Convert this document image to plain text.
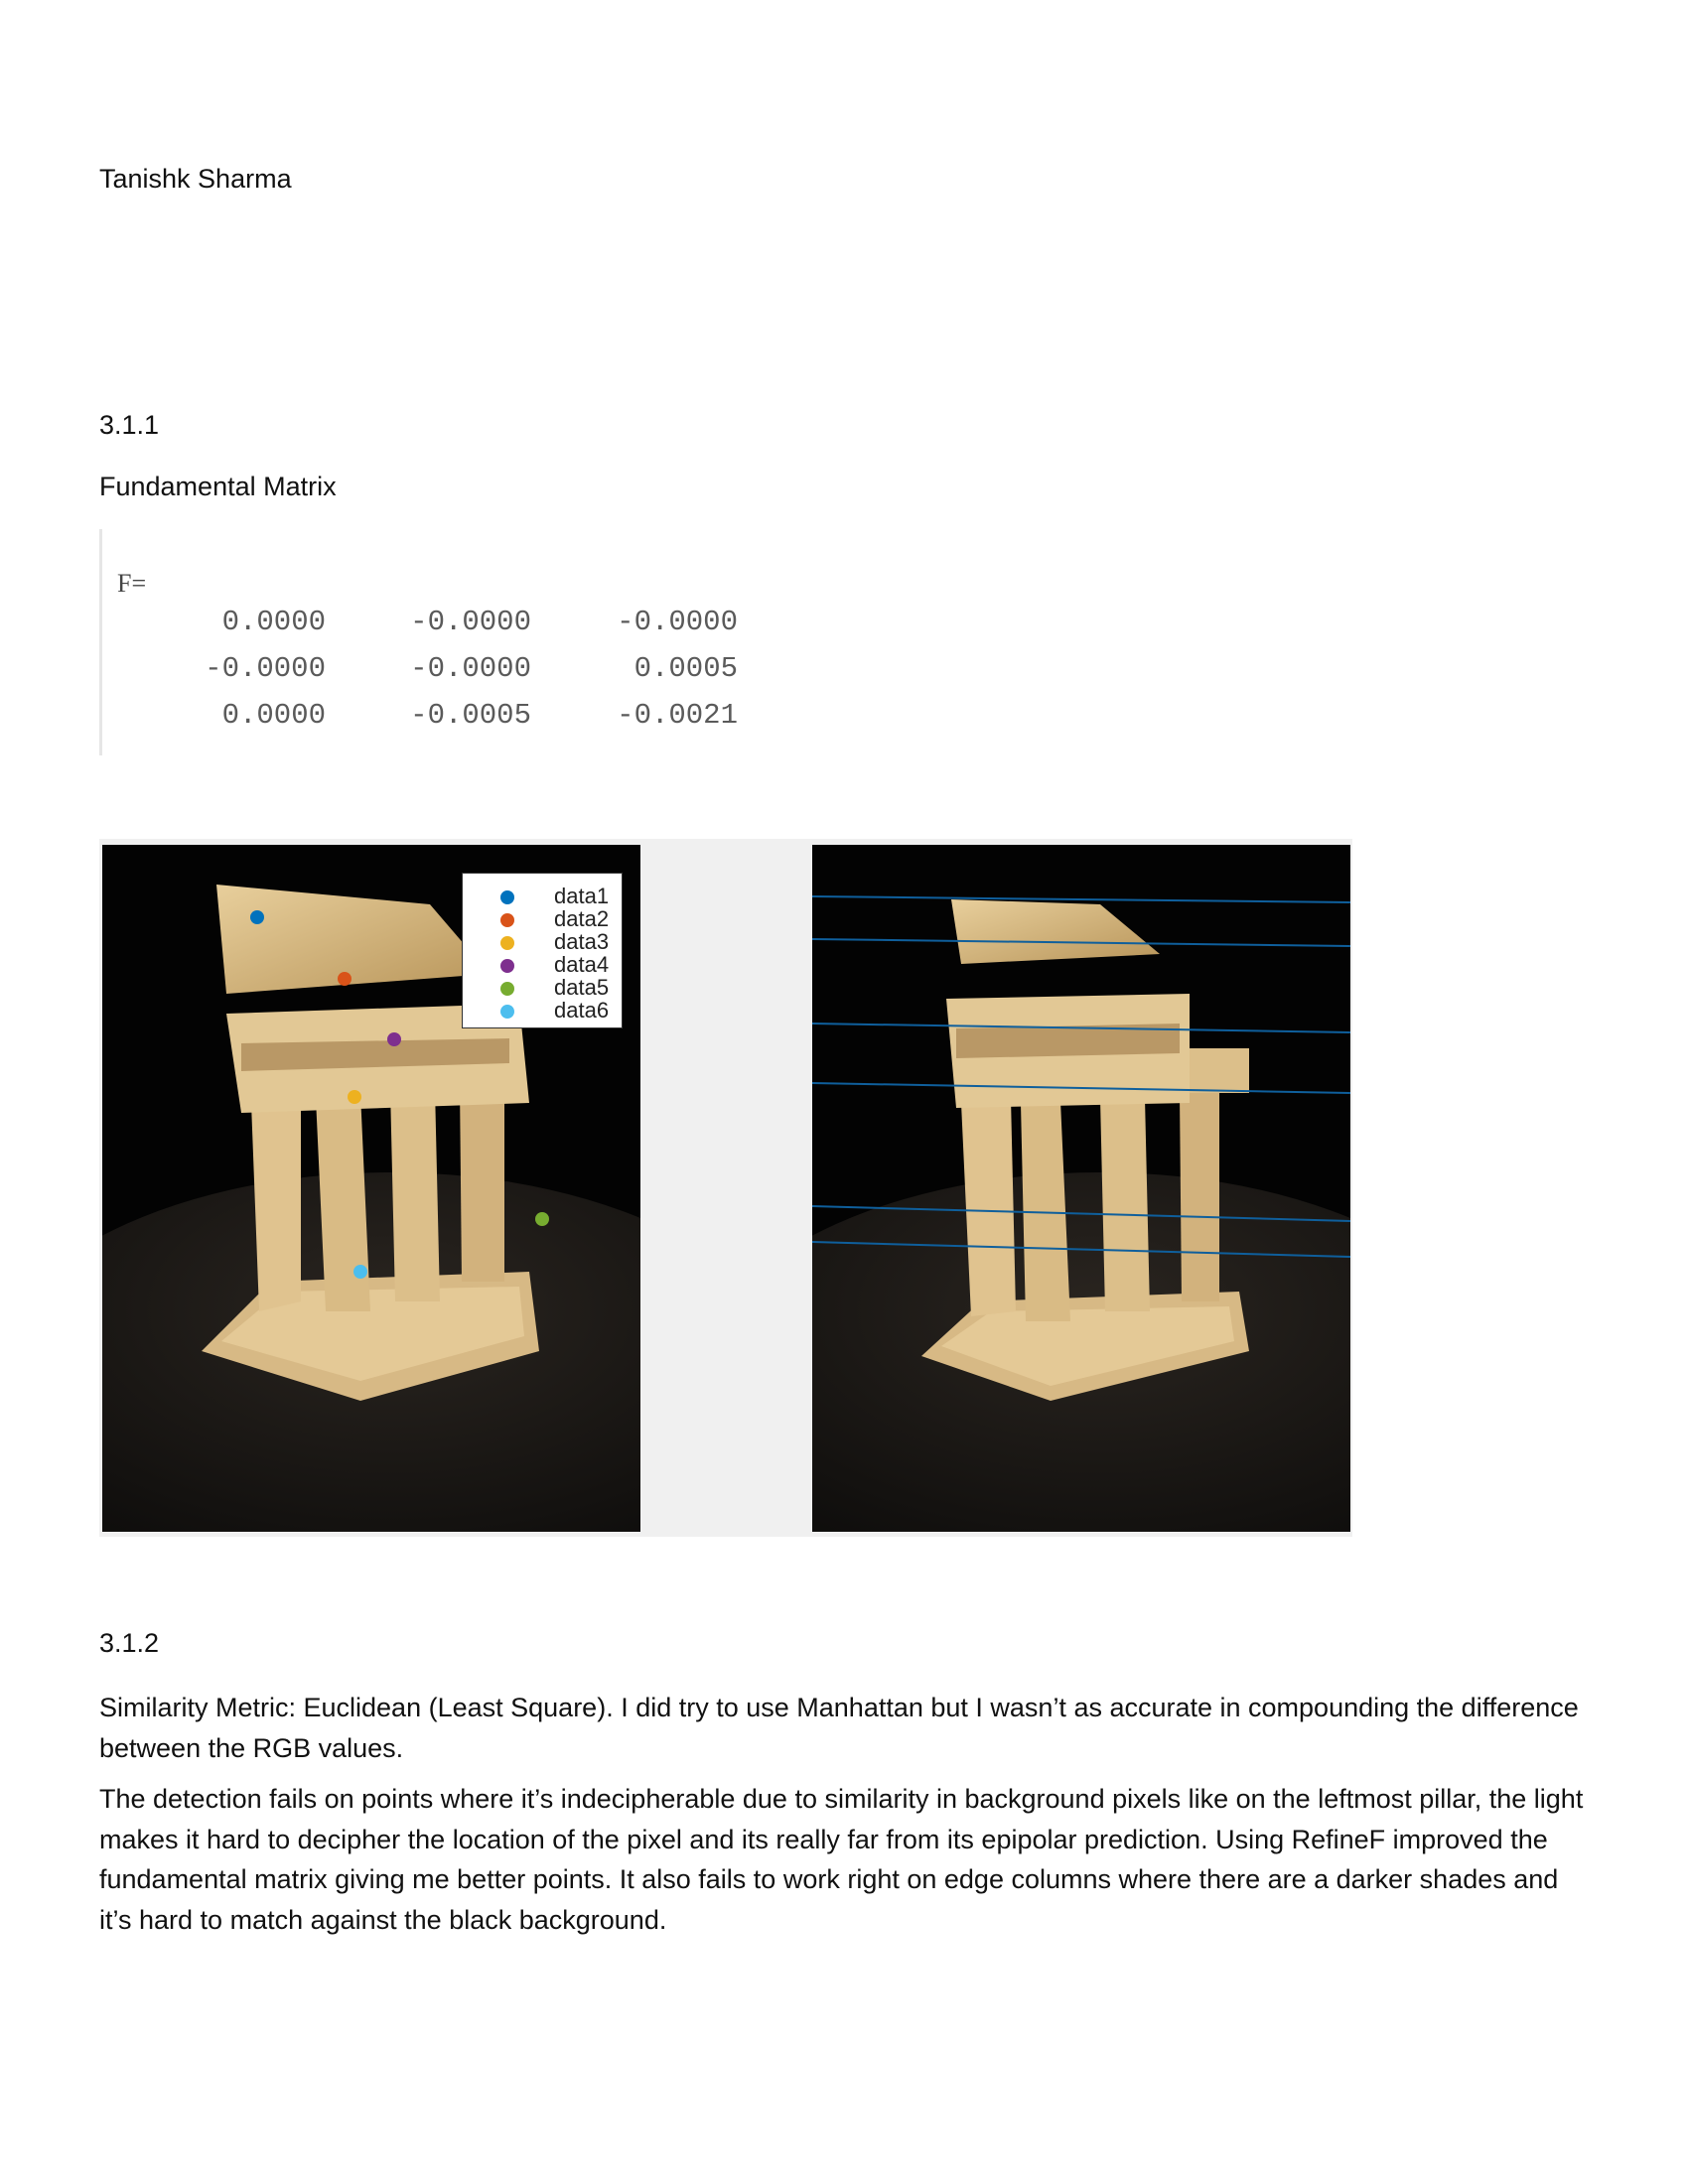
Tanishk Sharma
3.1.1
Fundamental Matrix
F=
0.0000	-0.0000	-0.0000
-0.0000	-0.0000	0.0005
0.0000	-0.0005	-0.0021
data1
data2
data3
data4
data5
data6
3.1.2

Similarity Metric: Euclidean (Least Square). I did try to use Manhattan but I wasn’t as accurate in compounding the difference between the RGB values.

The detection fails on points where it’s indecipherable due to similarity in background pixels like on the leftmost pillar, the light makes it hard to decipher the location of the pixel and its really far from its epipolar prediction. Using RefineF improved the fundamental matrix giving me better points. It also fails to work right on edge columns where there are a darker shades and it’s hard to match against the black background.
